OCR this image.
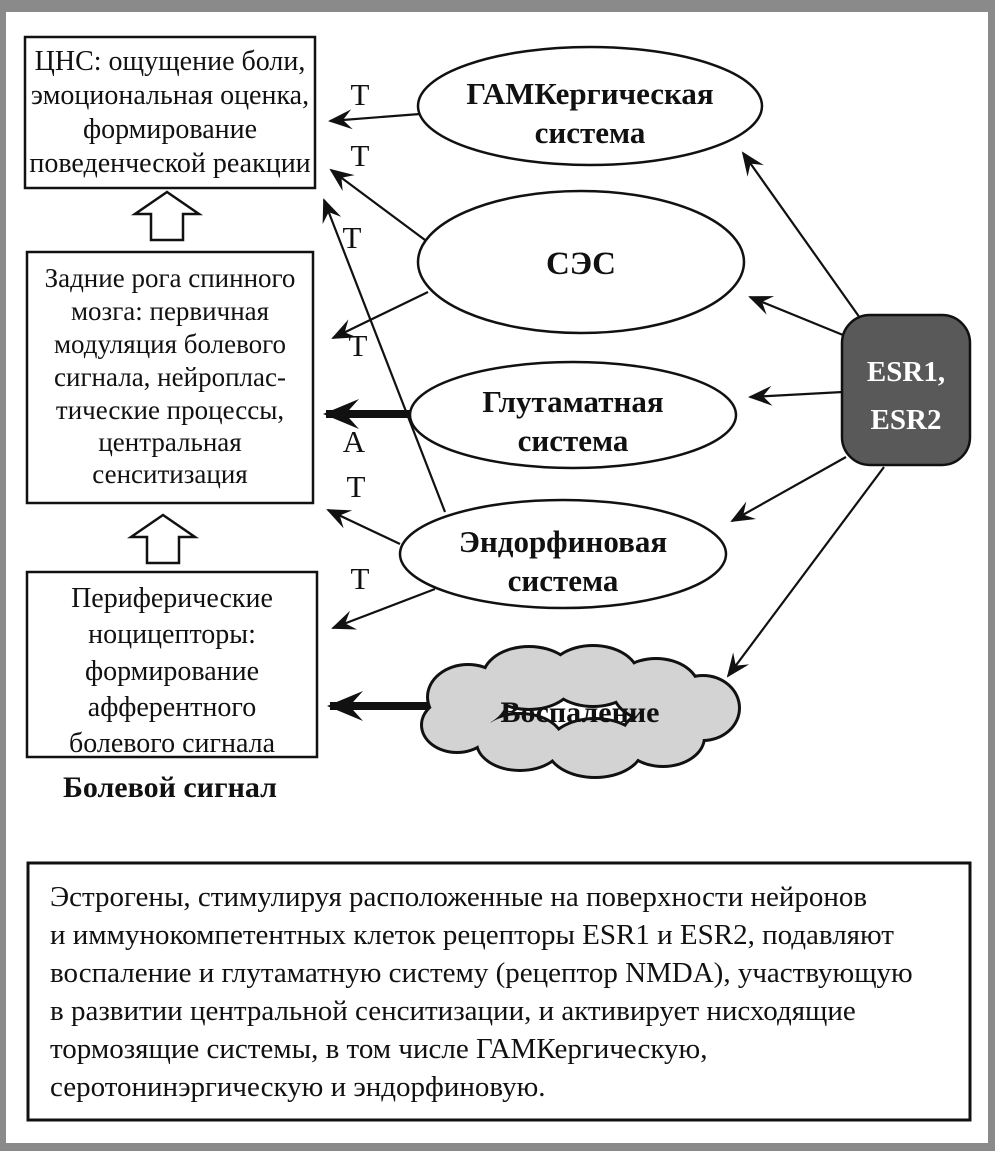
ЦНС: ощущение боли,
эмоциональная оценка,
формирование
поведенческой реакции
Задние рога спинного
мозга: первичная
модуляция болевого
сигнала, нейроплас-
тические процессы,
центральная
сенситизация
Периферические
ноцицепторы:
формирование
афферентного
болевого сигнала
Болевой сигнал
ГАМКергическая
система
СЭС
Глутаматная
система
Эндорфиновая
система
Воспаление
ESR1,
ESR2
Т
Т
Т
Т
А
Т
Т
Эстрогены, стимулируя расположенные на поверхности нейронов
и иммунокомпетентных клеток рецепторы ESR1 и ESR2, подавляют
воспаление и глутаматную систему (рецептор NMDA), участвующую
в развитии центральной сенситизации, и активирует нисходящие
тормозящие системы, в том числе ГАМКергическую,
серотонинэргическую и эндорфиновую.
